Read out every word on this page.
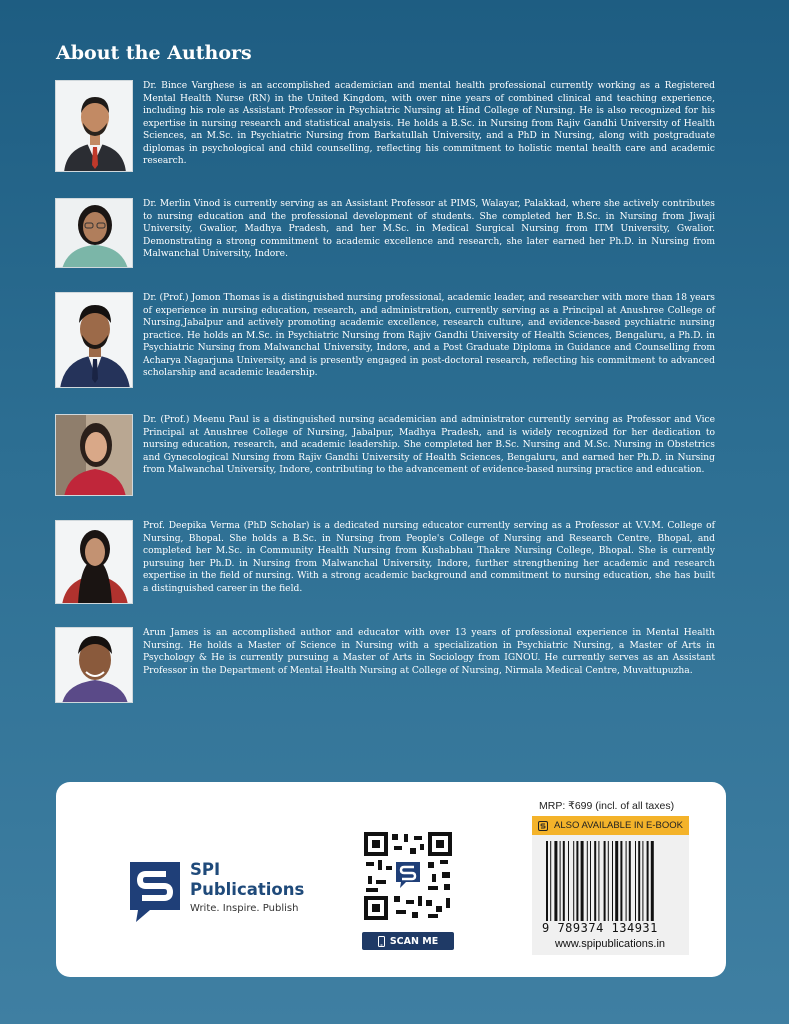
About the Authors

Dr. Bince Varghese is an accomplished academician and mental health professional currently working as a Registered Mental Health Nurse (RN) in the United Kingdom, with over nine years of combined clinical and teaching experience, including his role as Assistant Professor in Psychiatric Nursing at Hind College of Nursing. He is also recognized for his expertise in nursing research and statistical analysis. He holds a B.Sc. in Nursing from Rajiv Gandhi University of Health Sciences, an M.Sc. in Psychiatric Nursing from Barkatullah University, and a PhD in Nursing, along with postgraduate diplomas in psychological and child counselling, reflecting his commitment to holistic mental health care and academic research.

Dr. Merlin Vinod is currently serving as an Assistant Professor at PIMS, Walayar, Palakkad, where she actively contributes to nursing education and the professional development of students. She completed her B.Sc. in Nursing from Jiwaji University, Gwalior, Madhya Pradesh, and her M.Sc. in Medical Surgical Nursing from ITM University, Gwalior. Demonstrating a strong commitment to academic excellence and research, she later earned her Ph.D. in Nursing from Malwanchal University, Indore.

Dr. (Prof.) Jomon Thomas is a distinguished nursing professional, academic leader, and researcher with more than 18 years of experience in nursing education, research, and administration, currently serving as a Principal at Anushree College of Nursing,Jabalpur and actively promoting academic excellence, research culture, and evidence-based psychiatric nursing practice. He holds an M.Sc. in Psychiatric Nursing from Rajiv Gandhi University of Health Sciences, Bengaluru, a Ph.D. in Psychiatric Nursing from Malwanchal University, Indore, and a Post Graduate Diploma in Guidance and Counselling from Acharya Nagarjuna University, and is presently engaged in post-doctoral research, reflecting his commitment to advanced scholarship and academic leadership.

Dr. (Prof.) Meenu Paul is a distinguished nursing academician and administrator currently serving as Professor and Vice Principal at Anushree College of Nursing, Jabalpur, Madhya Pradesh, and is widely recognized for her dedication to nursing education, research, and academic leadership. She completed her B.Sc. Nursing and M.Sc. Nursing in Obstetrics and Gynecological Nursing from Rajiv Gandhi University of Health Sciences, Bengaluru, and earned her Ph.D. in Nursing from Malwanchal University, Indore, contributing to the advancement of evidence-based nursing practice and education.

Prof. Deepika Verma (PhD Scholar) is a dedicated nursing educator currently serving as a Professor at V.V.M. College of Nursing, Bhopal. She holds a B.Sc. in Nursing from People's College of Nursing and Research Centre, Bhopal, and completed her M.Sc. in Community Health Nursing from Kushabhau Thakre Nursing College, Bhopal. She is currently pursuing her Ph.D. in Nursing from Malwanchal University, Indore, further strengthening her academic and research expertise in the field of nursing. With a strong academic background and commitment to nursing education, she has built a distinguished career in the field.

Arun James is an accomplished author and educator with over 13 years of professional experience in Mental Health Nursing. He holds a Master of Science in Nursing with a specialization in Psychiatric Nursing, a Master of Arts in Psychology & He is currently pursuing a Master of Arts in Sociology from IGNOU. He currently serves as an Assistant Professor in the Department of Mental Health Nursing at College of Nursing, Nirmala Medical Centre, Muvattupuzha.

SPI
Publications
Write. Inspire. Publish
SCAN ME
MRP: ₹699 (incl. of all taxes)
ALSO AVAILABLE IN E-BOOK
9 789374 134931
www.spipublications.in
